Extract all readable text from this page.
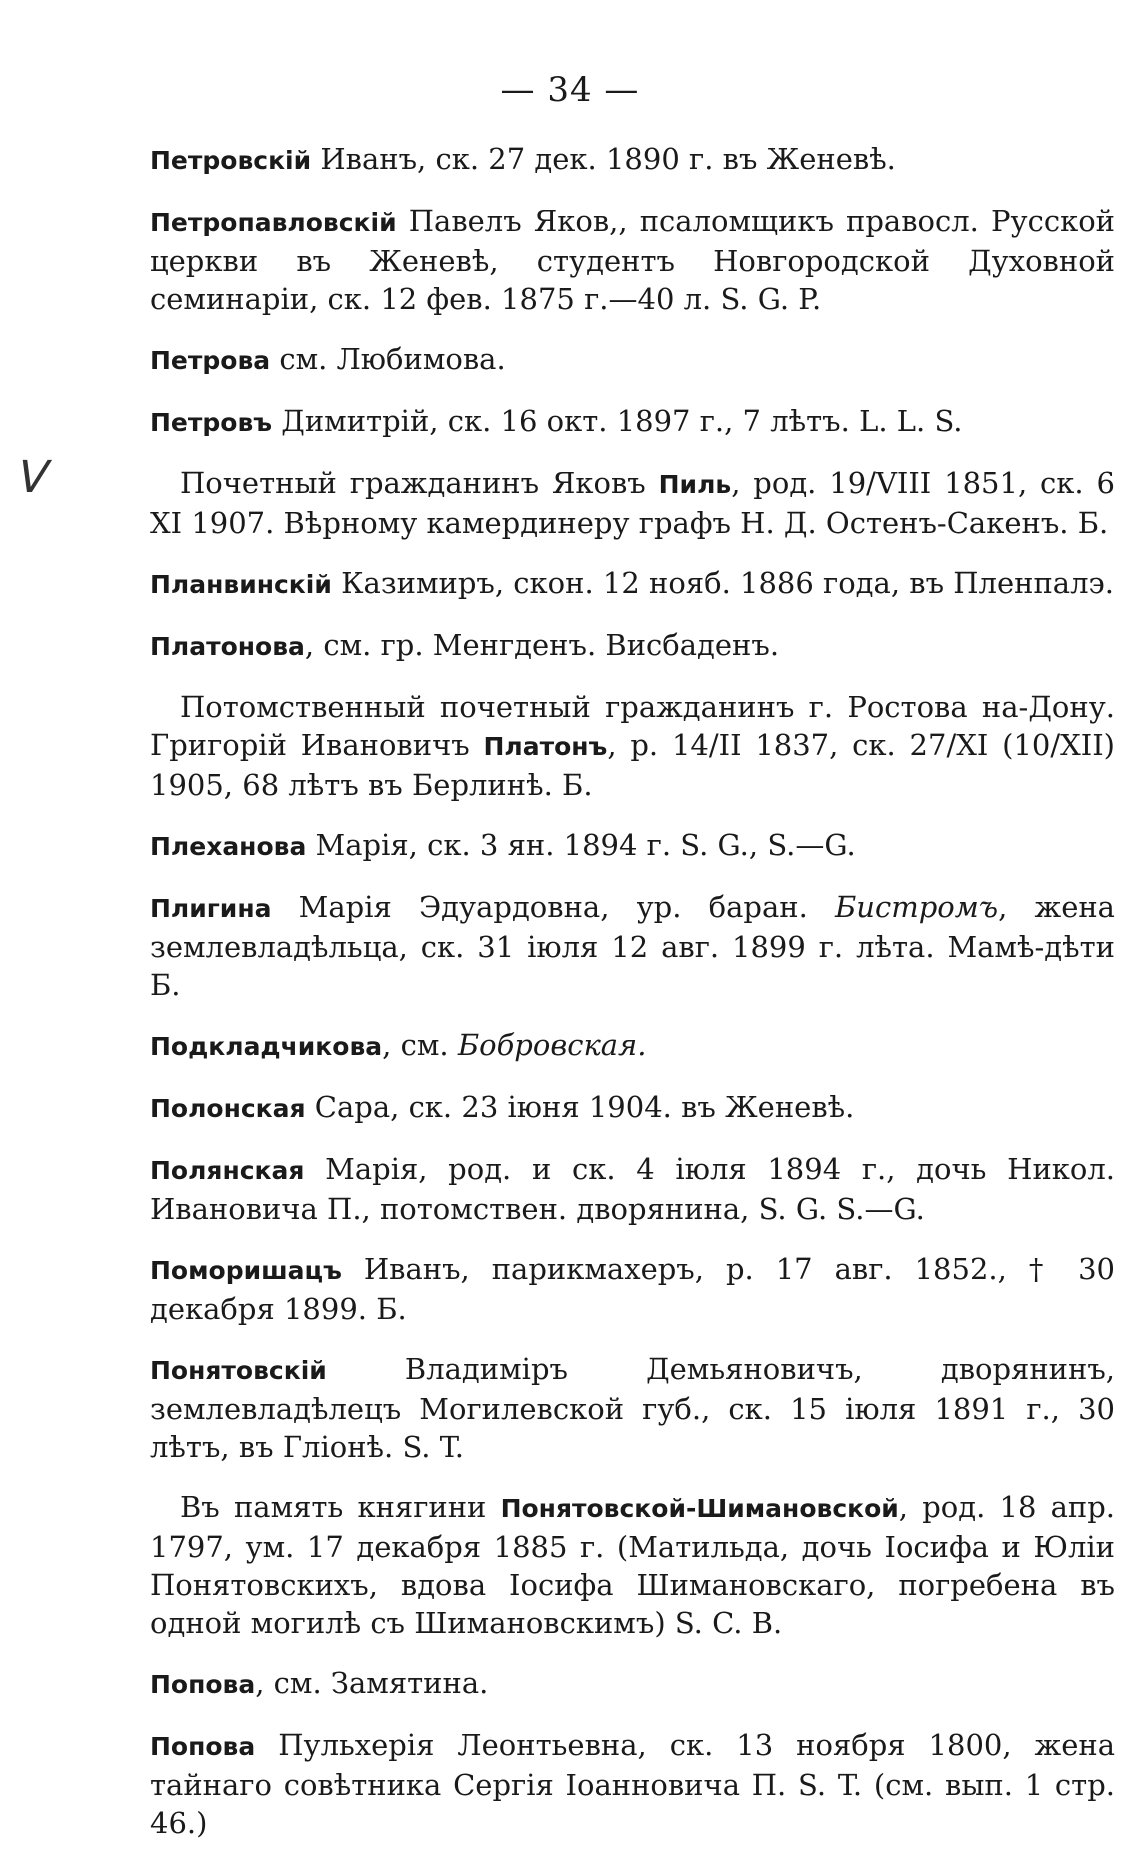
— 34 —
V

Петровскій Иванъ, ск. 27 дек. 1890 г. въ Женевѣ.

Петропавловскій Павелъ Яков,, псаломщикъ правосл. Русской церкви въ Женевѣ, студентъ Новгородской Духовной семинаріи, ск. 12 фев. 1875 г.—40 л. S. G. P.

Петрова см. Любимова.

Петровъ Димитрій, ск. 16 окт. 1897 г., 7 лѣтъ. L. L. S.

Почетный гражданинъ Яковъ Пиль, род. 19/VIII 1851, ск. 6 XI 1907. Вѣрному камердинеру графъ Н. Д. Остенъ-Сакенъ. Б.

Планвинскій Казимиръ, скон. 12 нояб. 1886 года, въ Пленпалэ.

Платонова, см. гр. Менгденъ. Висбаденъ.

Потомственный почетный гражданинъ г. Ростова на-Дону. Григорій Ивановичъ Платонъ, р. 14/II 1837, ск. 27/XI (10/XII) 1905, 68 лѣтъ въ Берлинѣ. Б.

Плеханова Марія, ск. 3 ян. 1894 г. S. G., S.—G.

Плигина Марія Эдуардовна, ур. баран. Бистромъ, жена землевладѣльца, ск. 31 іюля 12 авг. 1899 г. лѣта. Мамѣ-дѣти Б.

Подкладчикова, см. Бобровская.

Полонская Сара, ск. 23 іюня 1904. въ Женевѣ.

Полянская Марія, род. и ск. 4 іюля 1894 г., дочь Никол. Ивановича П., потомствен. дворянина, S. G. S.—G.

Поморишацъ Иванъ, парикмахеръ, р. 17 авг. 1852., † 30 декабря 1899. Б.

Понятовскій Владиміръ Демьяновичъ, дворянинъ, землевладѣлецъ Могилевской губ., ск. 15 іюля 1891 г., 30 лѣтъ, въ Гліонѣ. S. T.

Въ память княгини Понятовской-Шимановской, род. 18 апр. 1797, ум. 17 декабря 1885 г. (Матильда, дочь Іосифа и Юліи Понятовскихъ, вдова Іосифа Шимановскаго, погребена въ одной могилѣ съ Шимановскимъ) S. C. B.

Попова, см. Замятина.

Попова Пульхерія Леонтьевна, ск. 13 ноября 1800, жена тайнаго совѣтника Сергія Іоанновича П. S. T. (см. вып. 1 стр. 46.)
